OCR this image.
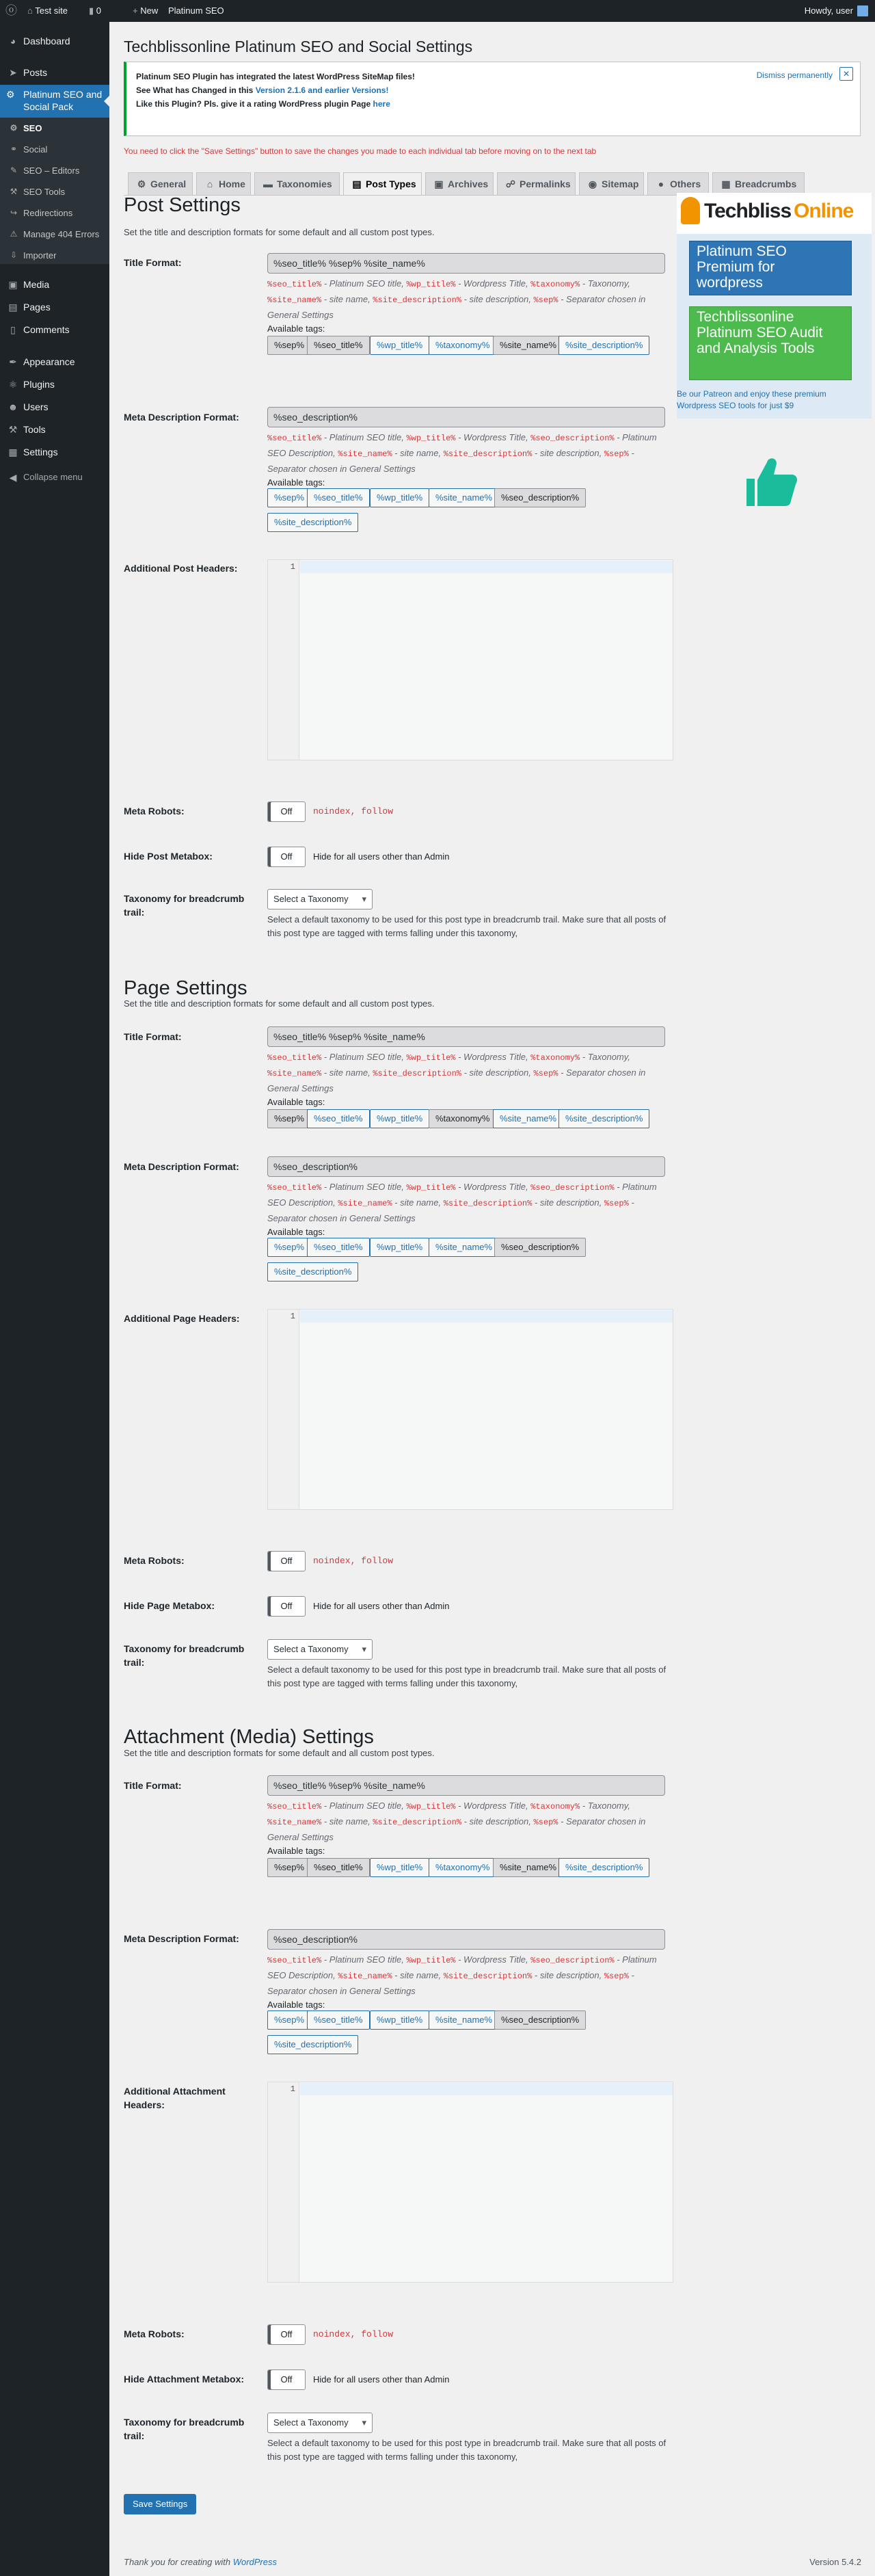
ⓞ ⌂ Test site ▮ 0	+ New Platinum SEO	Howdy, user
◕ Dashboard
➤ Posts
⚙ Platinum SEO and Social Pack
⚙ SEO
⚭ Social
✎ SEO – Editors
⚒ SEO Tools
↪ Redirections
⚠ Manage 404 Errors
⇩ Importer
▣ Media
▤ Pages
▯ Comments
✒ Appearance
⚛ Plugins
☻ Users
⚒ Tools
▦ Settings
◀ Collapse menu
Techblissonline Platinum SEO and Social Settings
Platinum SEO Plugin has integrated the latest WordPress SiteMap files!
See What has Changed in this Version 2.1.6 and earlier Versions!
Like this Plugin? Pls. give it a rating WordPress plugin Page here
Dismiss permanently	✕
You need to click the "Save Settings" button to save the changes you made to each individual tab before moving on to the next tab
⚙ General	⌂ Home	▬ Taxonomies	▤ Post Types	▣ Archives	☍ Permalinks	◉ Sitemap	● Others	▦ Breadcrumbs
Post Settings
Set the title and description formats for some default and all custom post types.
Title Format:	%seo_title% %sep% %site_name%
%seo_title% - Platinum SEO title, %wp_title% - Wordpress Title, %taxonomy% - Taxonomy, %site_name% - site name, %site_description% - site description, %sep% - Separator chosen in General Settings
Available tags:
%sep%	%seo_title%	%wp_title%	%taxonomy%	%site_name% %site_description%
Meta Description Format:	%seo_description%
%seo_title% - Platinum SEO title, %wp_title% - Wordpress Title, %seo_description% - Platinum SEO Description, %site_name% - site name, %site_description% - site description, %sep% - Separator chosen in General Settings
Available tags:
%sep%	%seo_title%	%wp_title%	%site_name% %seo_description%
%site_description%
Additional Post Headers:	1
Meta Robots:	Off	noindex, follow
Hide Post Metabox:	Off	Hide for all users other than Admin
Taxonomy for breadcrumb trail:
Select a Taxonomy ▾
Select a default taxonomy to be used for this post type in breadcrumb trail. Make sure that all posts of this post type are tagged with terms falling under this taxonomy,
Page Settings
Set the title and description formats for some default and all custom post types.
Title Format:	%seo_title% %sep% %site_name%
%seo_title% - Platinum SEO title, %wp_title% - Wordpress Title, %taxonomy% - Taxonomy, %site_name% - site name, %site_description% - site description, %sep% - Separator chosen in General Settings
Available tags:
%sep%	%seo_title%	%wp_title%	%taxonomy%	%site_name% %site_description%
Meta Description Format:	%seo_description%
%seo_title% - Platinum SEO title, %wp_title% - Wordpress Title, %seo_description% - Platinum SEO Description, %site_name% - site name, %site_description% - site description, %sep% - Separator chosen in General Settings
Available tags:
%sep%	%seo_title%	%wp_title%	%site_name% %seo_description%
%site_description%
Additional Page Headers:	1
Meta Robots:	Off	noindex, follow
Hide Page Metabox:	Off	Hide for all users other than Admin
Taxonomy for breadcrumb trail:
Select a Taxonomy ▾
Select a default taxonomy to be used for this post type in breadcrumb trail. Make sure that all posts of this post type are tagged with terms falling under this taxonomy,
Attachment (Media) Settings
Set the title and description formats for some default and all custom post types.
Title Format:	%seo_title% %sep% %site_name%
%seo_title% - Platinum SEO title, %wp_title% - Wordpress Title, %taxonomy% - Taxonomy, %site_name% - site name, %site_description% - site description, %sep% - Separator chosen in General Settings
Available tags:
%sep%	%seo_title%	%wp_title%	%taxonomy%	%site_name% %site_description%
Meta Description Format:	%seo_description%
%seo_title% - Platinum SEO title, %wp_title% - Wordpress Title, %seo_description% - Platinum SEO Description, %site_name% - site name, %site_description% - site description, %sep% - Separator chosen in General Settings
Available tags:
%sep%	%seo_title%	%wp_title%	%site_name% %seo_description%
%site_description%
Additional Attachment Headers:
1
Meta Robots:	Off	noindex, follow
Hide Attachment Metabox:	Off	Hide for all users other than Admin
Taxonomy for breadcrumb trail:
Select a Taxonomy ▾
Select a default taxonomy to be used for this post type in breadcrumb trail. Make sure that all posts of this post type are tagged with terms falling under this taxonomy,
Save Settings
Thank you for creating with WordPress	Version 5.4.2
Techbliss Online
Platinum SEO Premium for wordpress
Techblissonline Platinum SEO Audit and Analysis Tools
Be our Patreon and enjoy these premium Wordpress SEO tools for just $9
